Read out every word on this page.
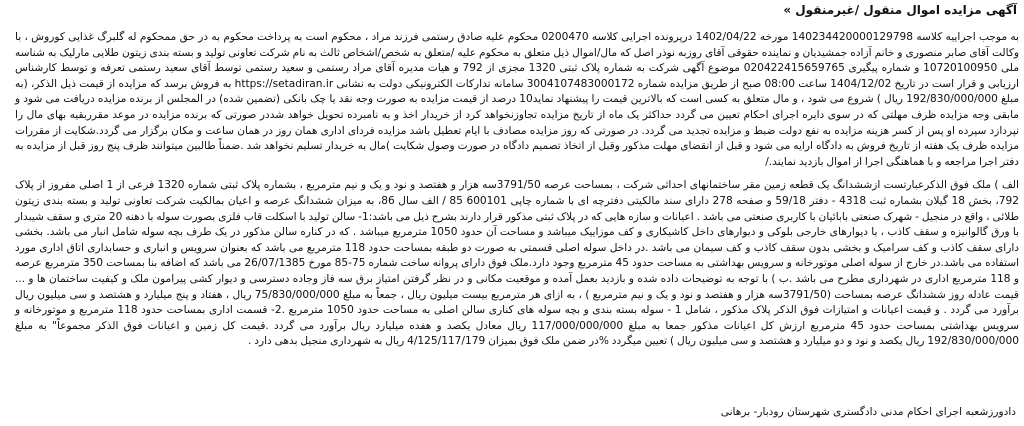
آگهی مزایده اموال منقول /غیرمنقول »

به موجب اجراییه کلاسه 140234420000129798 مورخه 1402/04/22 درپرونده اجرایی کلاسه 0200470 محکوم علیه صادق رستمی فرزند مراد ، محکوم است به پرداخت محکوم به در حق ممحکوم له گلبرگ غذایی کوروش ، با وکالت آقای صابر منصوری و خانم آزاده جمشیدیان و نماینده حقوقی آقای روزبه نوذر اصل که مال/اموال ذیل متعلق به محکوم علیه /متعلق به شخص/اشخاص ثالث به نام شرکت تعاونی تولید و بسته بندی زیتون طلایی مارلیک به شناسه ملی 10720100950 و شماره پیگیری 020422415659765 موضوع آگهی شرکت به شماره پلاک ثبتی 1320 مجزی از 792 و هیات مدیره آقای مراد رستمی و سعید رستمی توسط آقای سعید رستمی تعرفه و توسط کارشناس ارزیابی و قرار است در تاریخ 1404/12/02 ساعت 08:00 صبح از طریق مزایده شماره 3004107483000172 سامانه تدارکات الکترونیکی دولت به نشانی https://setadiran.ir به فروش برسد که مزایده از قیمت ذیل الذکر، (به مبلغ 192/830/000/000 ریال ) شروع می شود ، و مال متعلق به کسی است که بالاترین قیمت را پیشنهاد نماید10 درصد از قیمت مزایده به صورت وجه نقد یا چک بانکی (تضمین شده) در المجلس از برنده مزایده دریافت می شود و مابقی وجه مزایده ظرف مهلتی که در سوی دایره اجرای احکام تعیین می گردد حداکثر یک ماه از تاریخ مزایده تجاوزنخواهد کرد از خریدار اخذ و به نامبرده تحویل خواهد شددر صورتی که برنده مزایده در موعد مقرربقیه بهای مال را نپردازد سپرده او پس از کسر هزینه مزایده به نفع دولت ضبط و مزایده تجدید می گردد. در صورتی که روز مزایده مصادف با ایام تعطیل باشد مزایده فردای اداری همان روز در همان ساعت و مکان برگزار می گردد.شکایت از مقررات مزایده ظرف یک هفته از تاریخ فروش به دادگاه ارایه می شود و قبل از انقضای مهلت مذکور وقبل از اتخاذ تصمیم دادگاه در صورت وصول شکایت )مال به خریدار تسلیم نخواهد شد .ضمناً طالبین میتوانند ظرف پنج روز قبل از مزایده به دفتر اجرا مراجعه و با هماهنگی اجرا از اموال بازدید نمایند./

الف ) ملک فوق الذکرعبارتست ازششدانگ یک قطعه زمین مقر ساختمانهای احداثی شرکت ، بمساحت عرصه 3791/50سه هزار و هفتصد و نود و یک و نیم مترمربع ، بشماره پلاک ثبتی شماره 1320 فرعی از 1 اصلی مفروز از پلاک 792، بخش 18 گیلان بشماره ثبت 4318 - دفتر 59/18 و صفحه 278 دارای سند مالکیتی دفترچه ای با شماره چاپی 600101 85 / الف سال 86، به میزان ششدانگ عرصه و اعیان بمالکیت شرکت تعاونی تولید و بسته بندی زیتون طلائی ، واقع در منجیل - شهرک صنعتی بابائیان با کاربری صنعتی می باشد . اعیانات و سازه هایی که در پلاک ثبتی مذکور قرار دارند بشرح ذیل می باشد:1- سالن تولید با اسکلت قاب فلزی بصورت سوله با دهنه 20 متری و سقف شیبدار با ورق گالوانیزه و سقف کاذب ، با دیوارهای خارجی بلوکی و دیوارهای داخل کاشیکاری و کف موزاییک میباشد و مساحت آن حدود 1050 مترمربع میباشد . که در کناره سالن مذکور در یک طرف بچه سوله شامل انبار می باشد. بخشی دارای سقف کاذب و کف سرامیک و بخشی بدون سقف کاذب و کف سیمان می باشد .در داخل سوله اصلی قسمتی به صورت دو طبقه بمساحت حدود 118 مترمربع می باشد که بعنوان سرویس و انباری و حسابداری اتاق اداری مورد استفاده می باشد.در خارج از سوله اصلی موتورخانه و سرویس بهداشتی به مساحت حدود 45 مترمربع وجود دارد.ملک فوق دارای پروانه ساخت شماره 75-85 مورخ 26/07/1385 می باشد که اضافه بنا بمساحت 350 مترمربع عرصه و 118 مترمربع اداری در شهرداری مطرح می باشد .ب ) با توجه به توضیحات داده شده و بازدید بعمل آمده و موقعیت مکانی و در نظر گرفتن امتیاز برق سه فاز وجاده دسترسی و دیوار کشی پیرامون ملک و کیفیت ساختمان ها و ... قیمت عادله روز ششدانگ عرصه بمساحت (3791/50سه هزار و هفتصد و نود و یک و نیم مترمربع ) ، به ازای هر مترمربع بیست میلیون ریال ، جمعاً به مبلغ 75/830/000/000 ریال ، هفتاد و پنج میلیارد و هشتصد و سی میلیون ریال برآورد می گردد . و قیمت اعیانات و امتیازات فوق الذکر پلاک مذکور ، شامل 1 - سوله بسته بندی و بچه سوله های کناری سالن اصلی به مساحت حدود 1050 مترمربع .2- قسمت اداری بمساحت حدود 118 مترمربع و موتورخانه و سرویس بهداشتی بمساحت حدود 45 مترمربع ارزش کل اعیانات مذکور جمعا به مبلغ 117/000/000/000 ریال معادل یکصد و هفده میلیارد ریال برآورد می گردد .قیمت کل زمین و اعیانات فوق الذکر مجموعاً" به مبلغ 192/830/000/000 ریال یکصد و نود و دو میلیارد و هشتصد و سی میلیون ریال ) تعیین میگردد %در ضمن ملک فوق بمیزان 4/125/117/179 ریال به شهرداری منجیل بدهی دارد .

دادورزشعبه اجرای احکام مدنی دادگستری شهرستان رودبار- برهانی
